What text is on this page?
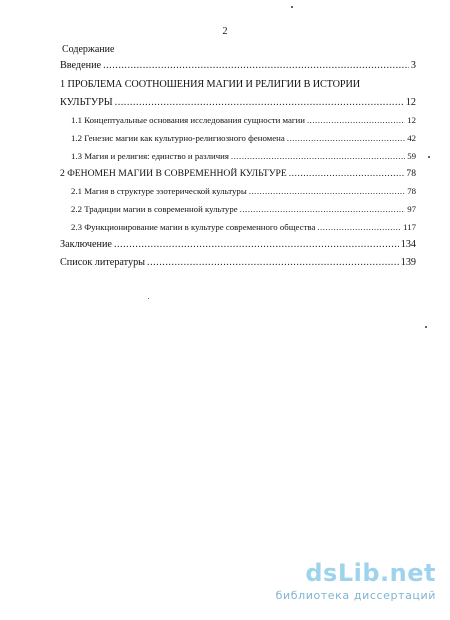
2
Содержание
Введение .....	3
1 ПРОБЛЕМА СООТНОШЕНИЯ МАГИИ И РЕЛИГИИ В ИСТОРИИ
КУЛЬТУРЫ .....	12
1.1 Концептуальные основания исследования сущности магии .....	12
1.2 Генезис магии как культурно-религиозного феномена .....	42
1.3 Магия и религия: единство и различия .....	59
2 ФЕНОМЕН МАГИИ В СОВРЕМЕННОЙ КУЛЬТУРЕ .....	78
2.1 Магия в структуре эзотерической культуры .....	78
2.2 Традиции магии в современной культуре .....	97
2.3 Функционирование магии в культуре современного общества .....	117
Заключение .....	134
Список литературы .....	139
dsLib.net
библиотека диссертаций
